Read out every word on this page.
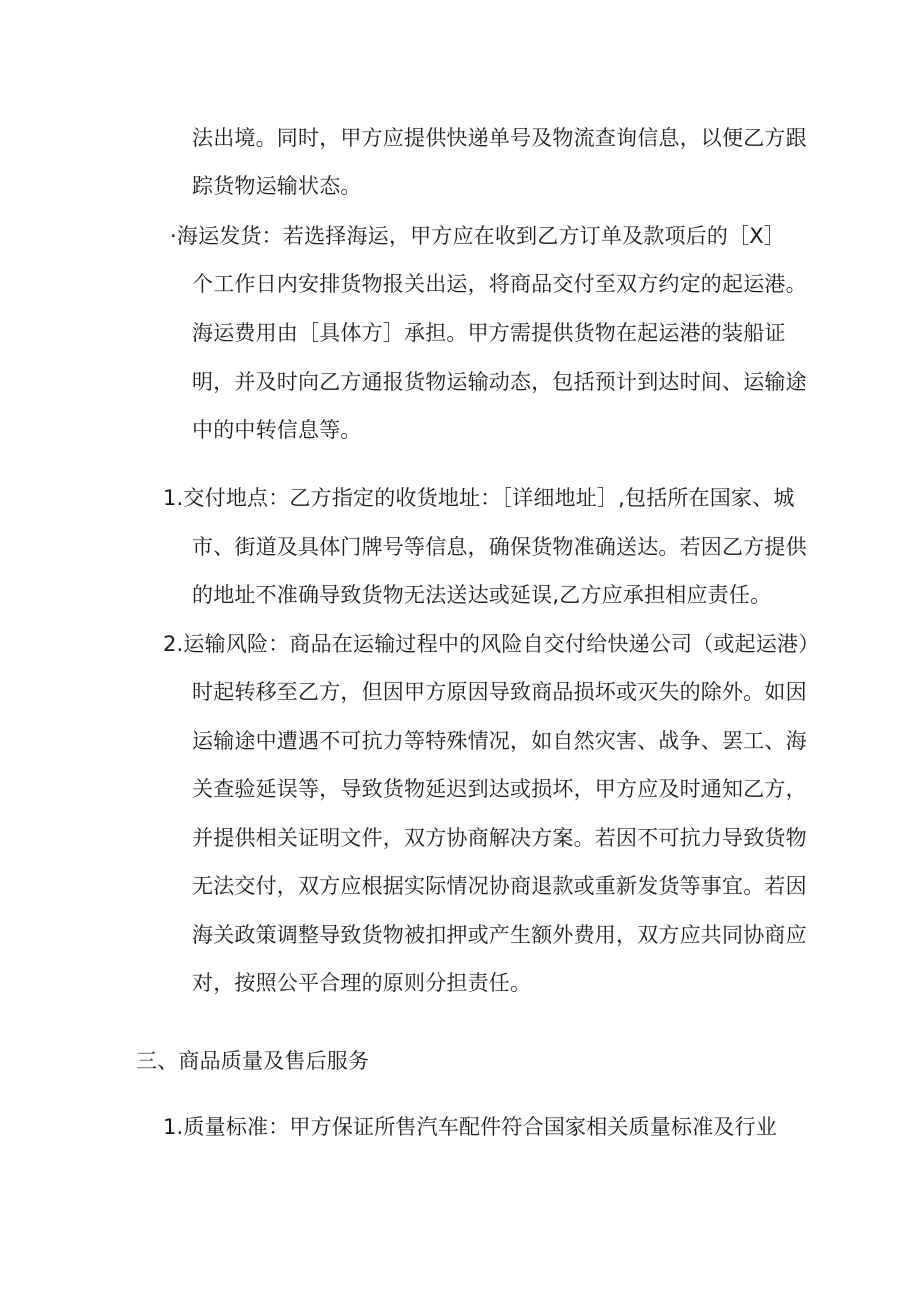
法出境。同时，甲方应提供快递单号及物流查询信息，以便乙方跟
踪货物运输状态。
·海运发货：若选择海运，甲方应在收到乙方订单及款项后的［X］
个工作日内安排货物报关出运，将商品交付至双方约定的起运港。
海运费用由［具体方］承担。甲方需提供货物在起运港的装船证
明，并及时向乙方通报货物运输动态，包括预计到达时间、运输途
中的中转信息等。
1.交付地点：乙方指定的收货地址：［详细地址］,包括所在国家、城
市、街道及具体门牌号等信息，确保货物准确送达。若因乙方提供
的地址不准确导致货物无法送达或延误,乙方应承担相应责任。
2.运输风险：商品在运输过程中的风险自交付给快递公司（或起运港）
时起转移至乙方，但因甲方原因导致商品损坏或灭失的除外。如因
运输途中遭遇不可抗力等特殊情况，如自然灾害、战争、罢工、海
关查验延误等，导致货物延迟到达或损坏，甲方应及时通知乙方，
并提供相关证明文件，双方协商解决方案。若因不可抗力导致货物
无法交付，双方应根据实际情况协商退款或重新发货等事宜。若因
海关政策调整导致货物被扣押或产生额外费用，双方应共同协商应
对，按照公平合理的原则分担责任。
三、商品质量及售后服务
1.质量标准：甲方保证所售汽车配件符合国家相关质量标准及行业
